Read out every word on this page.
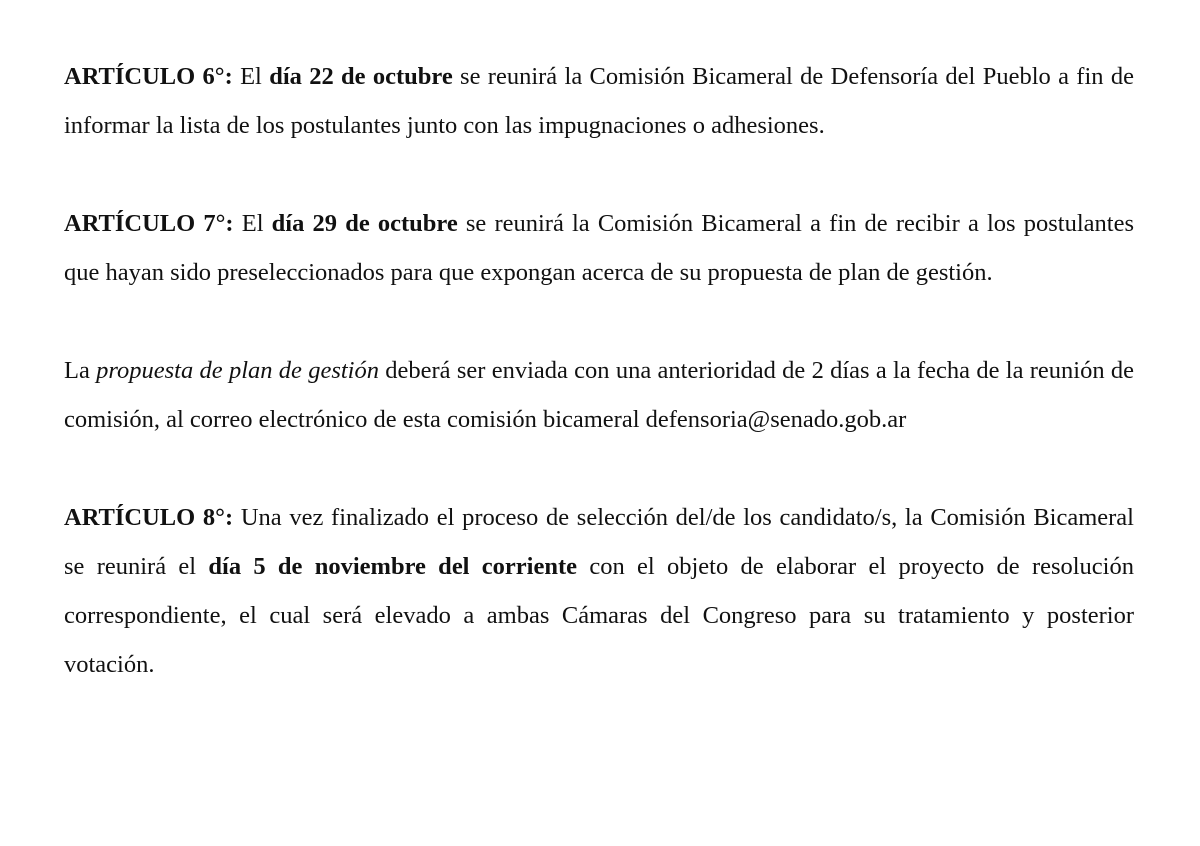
ARTÍCULO 6°: El día 22 de octubre se reunirá la Comisión Bicameral de Defensoría del Pueblo a fin de informar la lista de los postulantes junto con las impugnaciones o adhesiones.

ARTÍCULO 7°: El día 29 de octubre se reunirá la Comisión Bicameral a fin de recibir a los postulantes que hayan sido preseleccionados para que expongan acerca de su propuesta de plan de gestión.

La propuesta de plan de gestión deberá ser enviada con una anterioridad de 2 días a la fecha de la reunión de comisión, al correo electrónico de esta comisión bicameral defensoria@senado.gob.ar

ARTÍCULO 8°: Una vez finalizado el proceso de selección del/de los candidato/s, la Comisión Bicameral se reunirá el día 5 de noviembre del corriente con el objeto de elaborar el proyecto de resolución correspondiente, el cual será elevado a ambas Cámaras del Congreso para su tratamiento y posterior votación.
